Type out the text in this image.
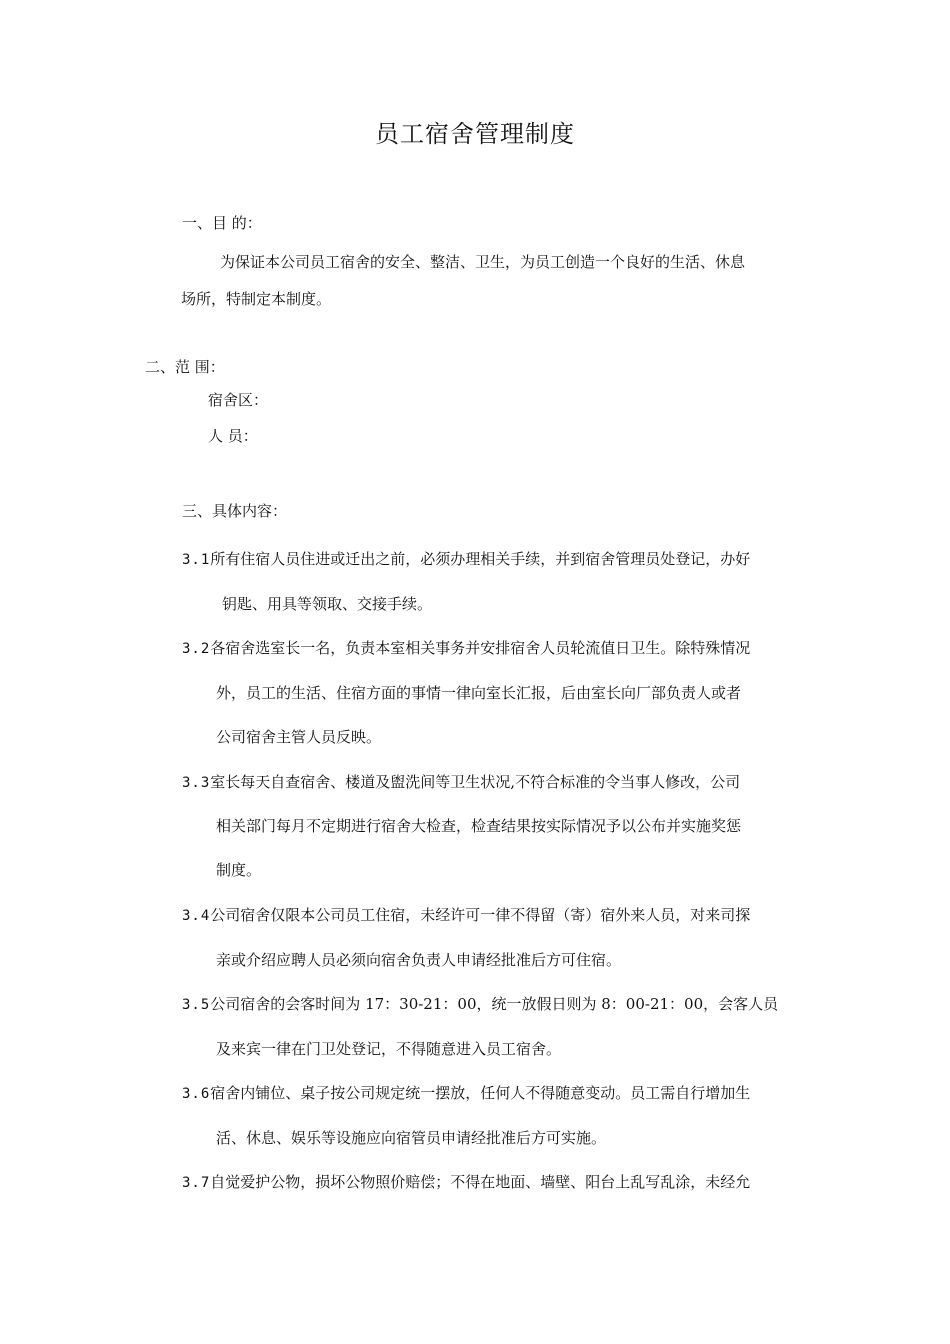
员工宿舍管理制度
一、目 的：
为保证本公司员工宿舍的安全、整洁、卫生，为员工创造一个良好的生活、休息
场所，特制定本制度。
二、范 围：
宿舍区：
人 员：
三、具体内容：
3.1所有住宿人员住进或迁出之前，必须办理相关手续，并到宿舍管理员处登记，办好
钥匙、用具等领取、交接手续。
3.2各宿舍选室长一名，负责本室相关事务并安排宿舍人员轮流值日卫生。除特殊情况
外，员工的生活、住宿方面的事情一律向室长汇报，后由室长向厂部负责人或者
公司宿舍主管人员反映。
3.3室长每天自查宿舍、楼道及盥洗间等卫生状况,不符合标准的令当事人修改，公司
相关部门每月不定期进行宿舍大检查，检查结果按实际情况予以公布并实施奖惩
制度。
3.4公司宿舍仅限本公司员工住宿，未经许可一律不得留（寄）宿外来人员，对来司探
亲或介绍应聘人员必须向宿舍负责人申请经批准后方可住宿。
3.5公司宿舍的会客时间为 17：30-21：00，统一放假日则为 8：00-21：00，会客人员
及来宾一律在门卫处登记，不得随意进入员工宿舍。
3.6宿舍内铺位、桌子按公司规定统一摆放，任何人不得随意变动。员工需自行增加生
活、休息、娱乐等设施应向宿管员申请经批准后方可实施。
3.7自觉爱护公物，损坏公物照价赔偿；不得在地面、墙壁、阳台上乱写乱涂，未经允
